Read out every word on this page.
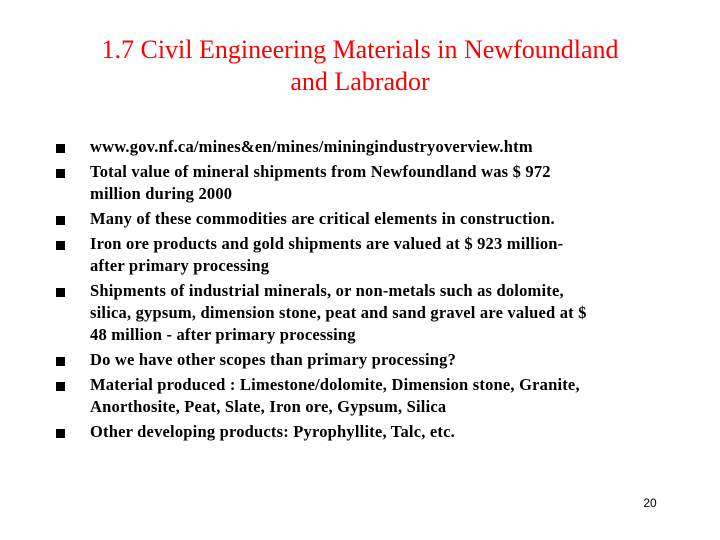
1.7 Civil Engineering Materials in Newfoundland
and Labrador
www.gov.nf.ca/mines&en/mines/miningindustryoverview.htm
Total value of mineral shipments from Newfoundland was $ 972
million during 2000
Many of these commodities are critical elements in construction.
Iron ore products and gold shipments are valued at $ 923 million-
after primary processing
Shipments of industrial minerals, or non-metals such as dolomite,
silica, gypsum, dimension stone, peat and sand gravel are valued at $
48 million - after primary processing
Do we have other scopes than primary processing?
Material produced : Limestone/dolomite, Dimension stone, Granite,
Anorthosite, Peat, Slate, Iron ore, Gypsum, Silica
Other developing products: Pyrophyllite, Talc, etc.
20
